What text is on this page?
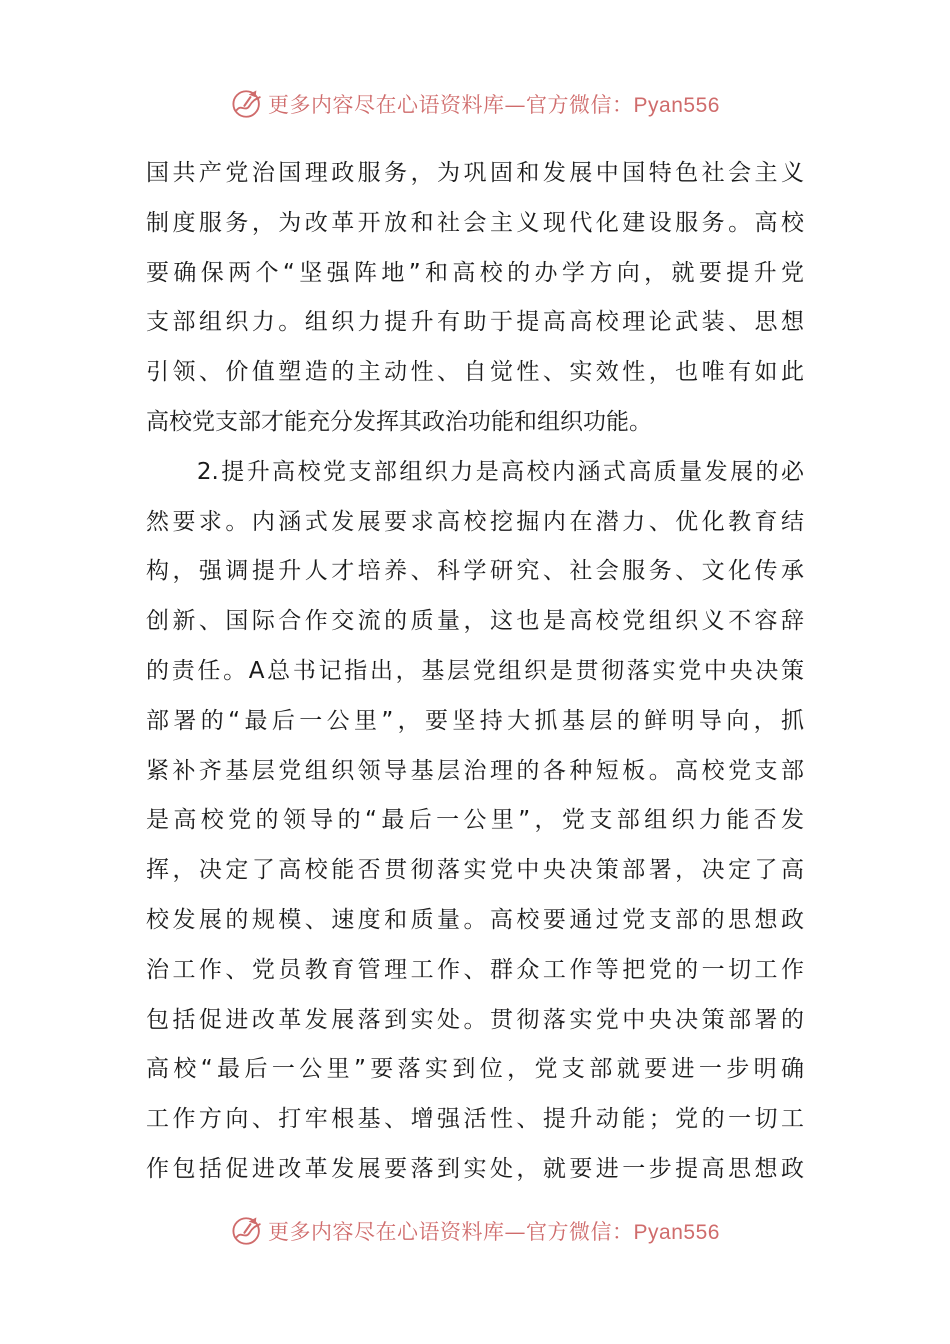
更多内容尽在心语资料库—官方微信：Pyan556
国共产党治国理政服务，为巩固和发展中国特色社会主义
制度服务，为改革开放和社会主义现代化建设服务。高校
要确保两个“坚强阵地”和高校的办学方向，就要提升党
支部组织力。组织力提升有助于提高高校理论武装、思想
引领、价值塑造的主动性、自觉性、实效性，也唯有如此
高校党支部才能充分发挥其政治功能和组织功能。
　　2.提升高校党支部组织力是高校内涵式高质量发展的必
然要求。内涵式发展要求高校挖掘内在潜力、优化教育结
构，强调提升人才培养、科学研究、社会服务、文化传承
创新、国际合作交流的质量，这也是高校党组织义不容辞
的责任。A总书记指出，基层党组织是贯彻落实党中央决策
部署的“最后一公里”，要坚持大抓基层的鲜明导向，抓
紧补齐基层党组织领导基层治理的各种短板。高校党支部
是高校党的领导的“最后一公里”，党支部组织力能否发
挥，决定了高校能否贯彻落实党中央决策部署，决定了高
校发展的规模、速度和质量。高校要通过党支部的思想政
治工作、党员教育管理工作、群众工作等把党的一切工作
包括促进改革发展落到实处。贯彻落实党中央决策部署的
高校“最后一公里”要落实到位，党支部就要进一步明确
工作方向、打牢根基、增强活性、提升动能；党的一切工
作包括促进改革发展要落到实处，就要进一步提高思想政
更多内容尽在心语资料库—官方微信：Pyan556
